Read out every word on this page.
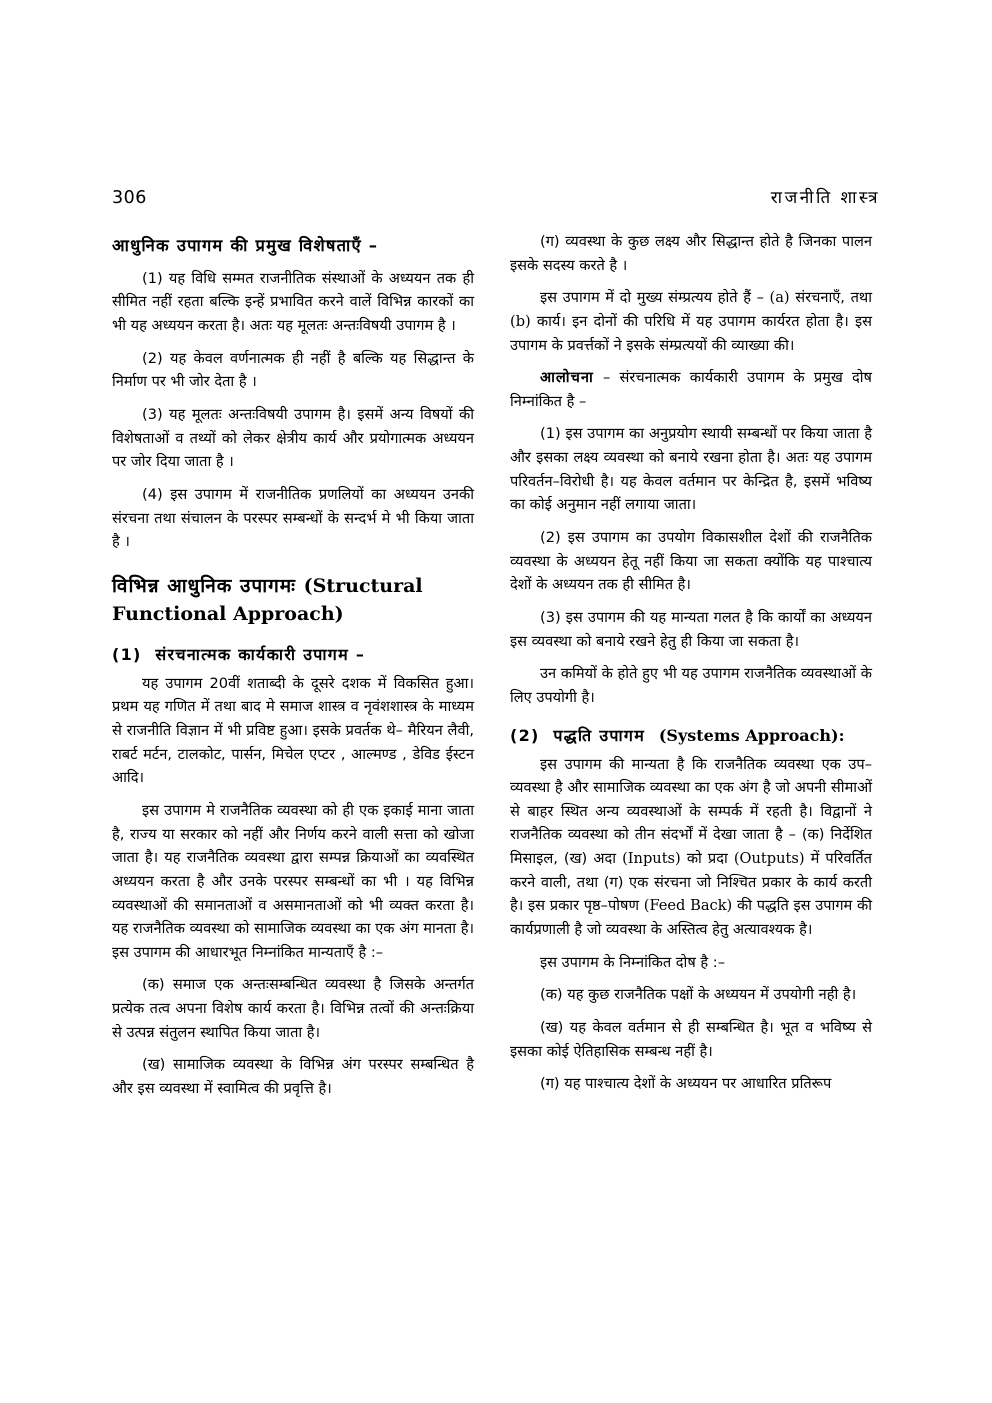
306	राजनीति शास्त्र
आधुनिक उपागम की प्रमुख विशेषताएँ –

(1) यह विधि सम्मत राजनीतिक संस्थाओं के अध्ययन तक ही सीमित नहीं रहता बल्कि इन्हें प्रभावित करने वालें विभिन्न कारकों का भी यह अध्ययन करता है। अतः यह मूलतः अन्तःविषयी उपागम है ।

(2) यह केवल वर्णनात्मक ही नहीं है बल्कि यह सिद्धान्त के निर्माण पर भी जोर देता है ।

(3) यह मूलतः अन्तःविषयी उपागम है। इसमें अन्य विषयों की विशेषताओं व तथ्यों को लेकर क्षेत्रीय कार्य और प्रयोगात्मक अध्ययन पर जोर दिया जाता है ।

(4) इस उपागम में राजनीतिक प्रणलियों का अध्ययन उनकी संरचना तथा संचालन के परस्पर सम्बन्धों के सन्दर्भ मे भी किया जाता है ।

विभिन्न आधुनिक उपागमः (Structural Functional Approach)
(1) संरचनात्मक कार्यकारी उपागम –

यह उपागम 20वीं शताब्दी के दूसरे दशक में विकसित हुआ। प्रथम यह गणित में तथा बाद मे समाज शास्त्र व नृवंशशास्त्र के माध्यम से राजनीति विज्ञान में भी प्रविष्ट हुआ। इसके प्रवर्तक थे– मैरियन लैवी, राबर्ट मर्टन, टालकोट, पार्सन, मिचेल एप्टर , आल्मण्ड , डेविड ईस्टन आदि।

इस उपागम मे राजनैतिक व्यवस्था को ही एक इकाई माना जाता है, राज्य या सरकार को नहीं और निर्णय करने वाली सत्ता को खोजा जाता है। यह राजनैतिक व्यवस्था द्वारा सम्पन्न क्रियाओं का व्यवस्थित अध्ययन करता है और उनके परस्पर सम्बन्धों का भी । यह विभिन्न व्यवस्थाओं की समानताओं व असमानताओं को भी व्यक्त करता है। यह राजनैतिक व्यवस्था को सामाजिक व्यवस्था का एक अंग मानता है। इस उपागम की आधारभूत निम्नांकित मान्यताएँ है :–

(क) समाज एक अन्तःसम्बन्धित व्यवस्था है जिसके अन्तर्गत प्रत्येक तत्व अपना विशेष कार्य करता है। विभिन्न तत्वों की अन्तःक्रिया से उत्पन्न संतुलन स्थापित किया जाता है।

(ख) सामाजिक व्यवस्था के विभिन्न अंग परस्पर सम्बन्धित है और इस व्यवस्था में स्वामित्व की प्रवृत्ति है।

(ग) व्यवस्था के कुछ लक्ष्य और सिद्धान्त होते है जिनका पालन इसके सदस्य करते है ।

इस उपागम में दो मुख्य संम्प्रत्यय होते हैं – (a) संरचनाएँ, तथा (b) कार्य। इन दोनों की परिधि में यह उपागम कार्यरत होता है। इस उपागम के प्रवर्त्तकों ने इसके संम्प्रत्ययों की व्याख्या की।

आलोचना – संरचनात्मक कार्यकारी उपागम के प्रमुख दोष निम्नांकित है –

(1) इस उपागम का अनुप्रयोग स्थायी सम्बन्धों पर किया जाता है और इसका लक्ष्य व्यवस्था को बनाये रखना होता है। अतः यह उपागम परिवर्तन–विरोधी है। यह केवल वर्तमान पर केन्द्रित है, इसमें भविष्य का कोई अनुमान नहीं लगाया जाता।

(2) इस उपागम का उपयोग विकासशील देशों की राजनैतिक व्यवस्था के अध्ययन हेतू नहीं किया जा सकता क्योंकि यह पाश्चात्य देशों के अध्ययन तक ही सीमित है।

(3) इस उपागम की यह मान्यता गलत है कि कार्यों का अध्ययन इस व्यवस्था को बनाये रखने हेतु ही किया जा सकता है।

उन कमियों के होते हुए भी यह उपागम राजनैतिक व्यवस्थाओं के लिए उपयोगी है।

(2) पद्धति उपागम (Systems Approach):

इस उपागम की मान्यता है कि राजनैतिक व्यवस्था एक उप–व्यवस्था है और सामाजिक व्यवस्था का एक अंग है जो अपनी सीमाओं से बाहर स्थित अन्य व्यवस्थाओं के सम्पर्क में रहती है। विद्वानों ने राजनैतिक व्यवस्था को तीन संदर्भों में देखा जाता है – (क) निर्देशित मिसाइल, (ख) अदा (Inputs) को प्रदा (Outputs) में परिवर्तित करने वाली, तथा (ग) एक संरचना जो निश्चित प्रकार के कार्य करती है। इस प्रकार पृष्ठ–पोषण (Feed Back) की पद्धति इस उपागम की कार्यप्रणाली है जो व्यवस्था के अस्तित्व हेतु अत्यावश्यक है।

इस उपागम के निम्नांकित दोष है :–

(क) यह कुछ राजनैतिक पक्षों के अध्ययन में उपयोगी नही है।

(ख) यह केवल वर्तमान से ही सम्बन्धित है। भूत व भविष्य से इसका कोई ऐतिहासिक सम्बन्ध नहीं है।

(ग) यह पाश्चात्य देशों के अध्ययन पर आधारित प्रतिरूप
